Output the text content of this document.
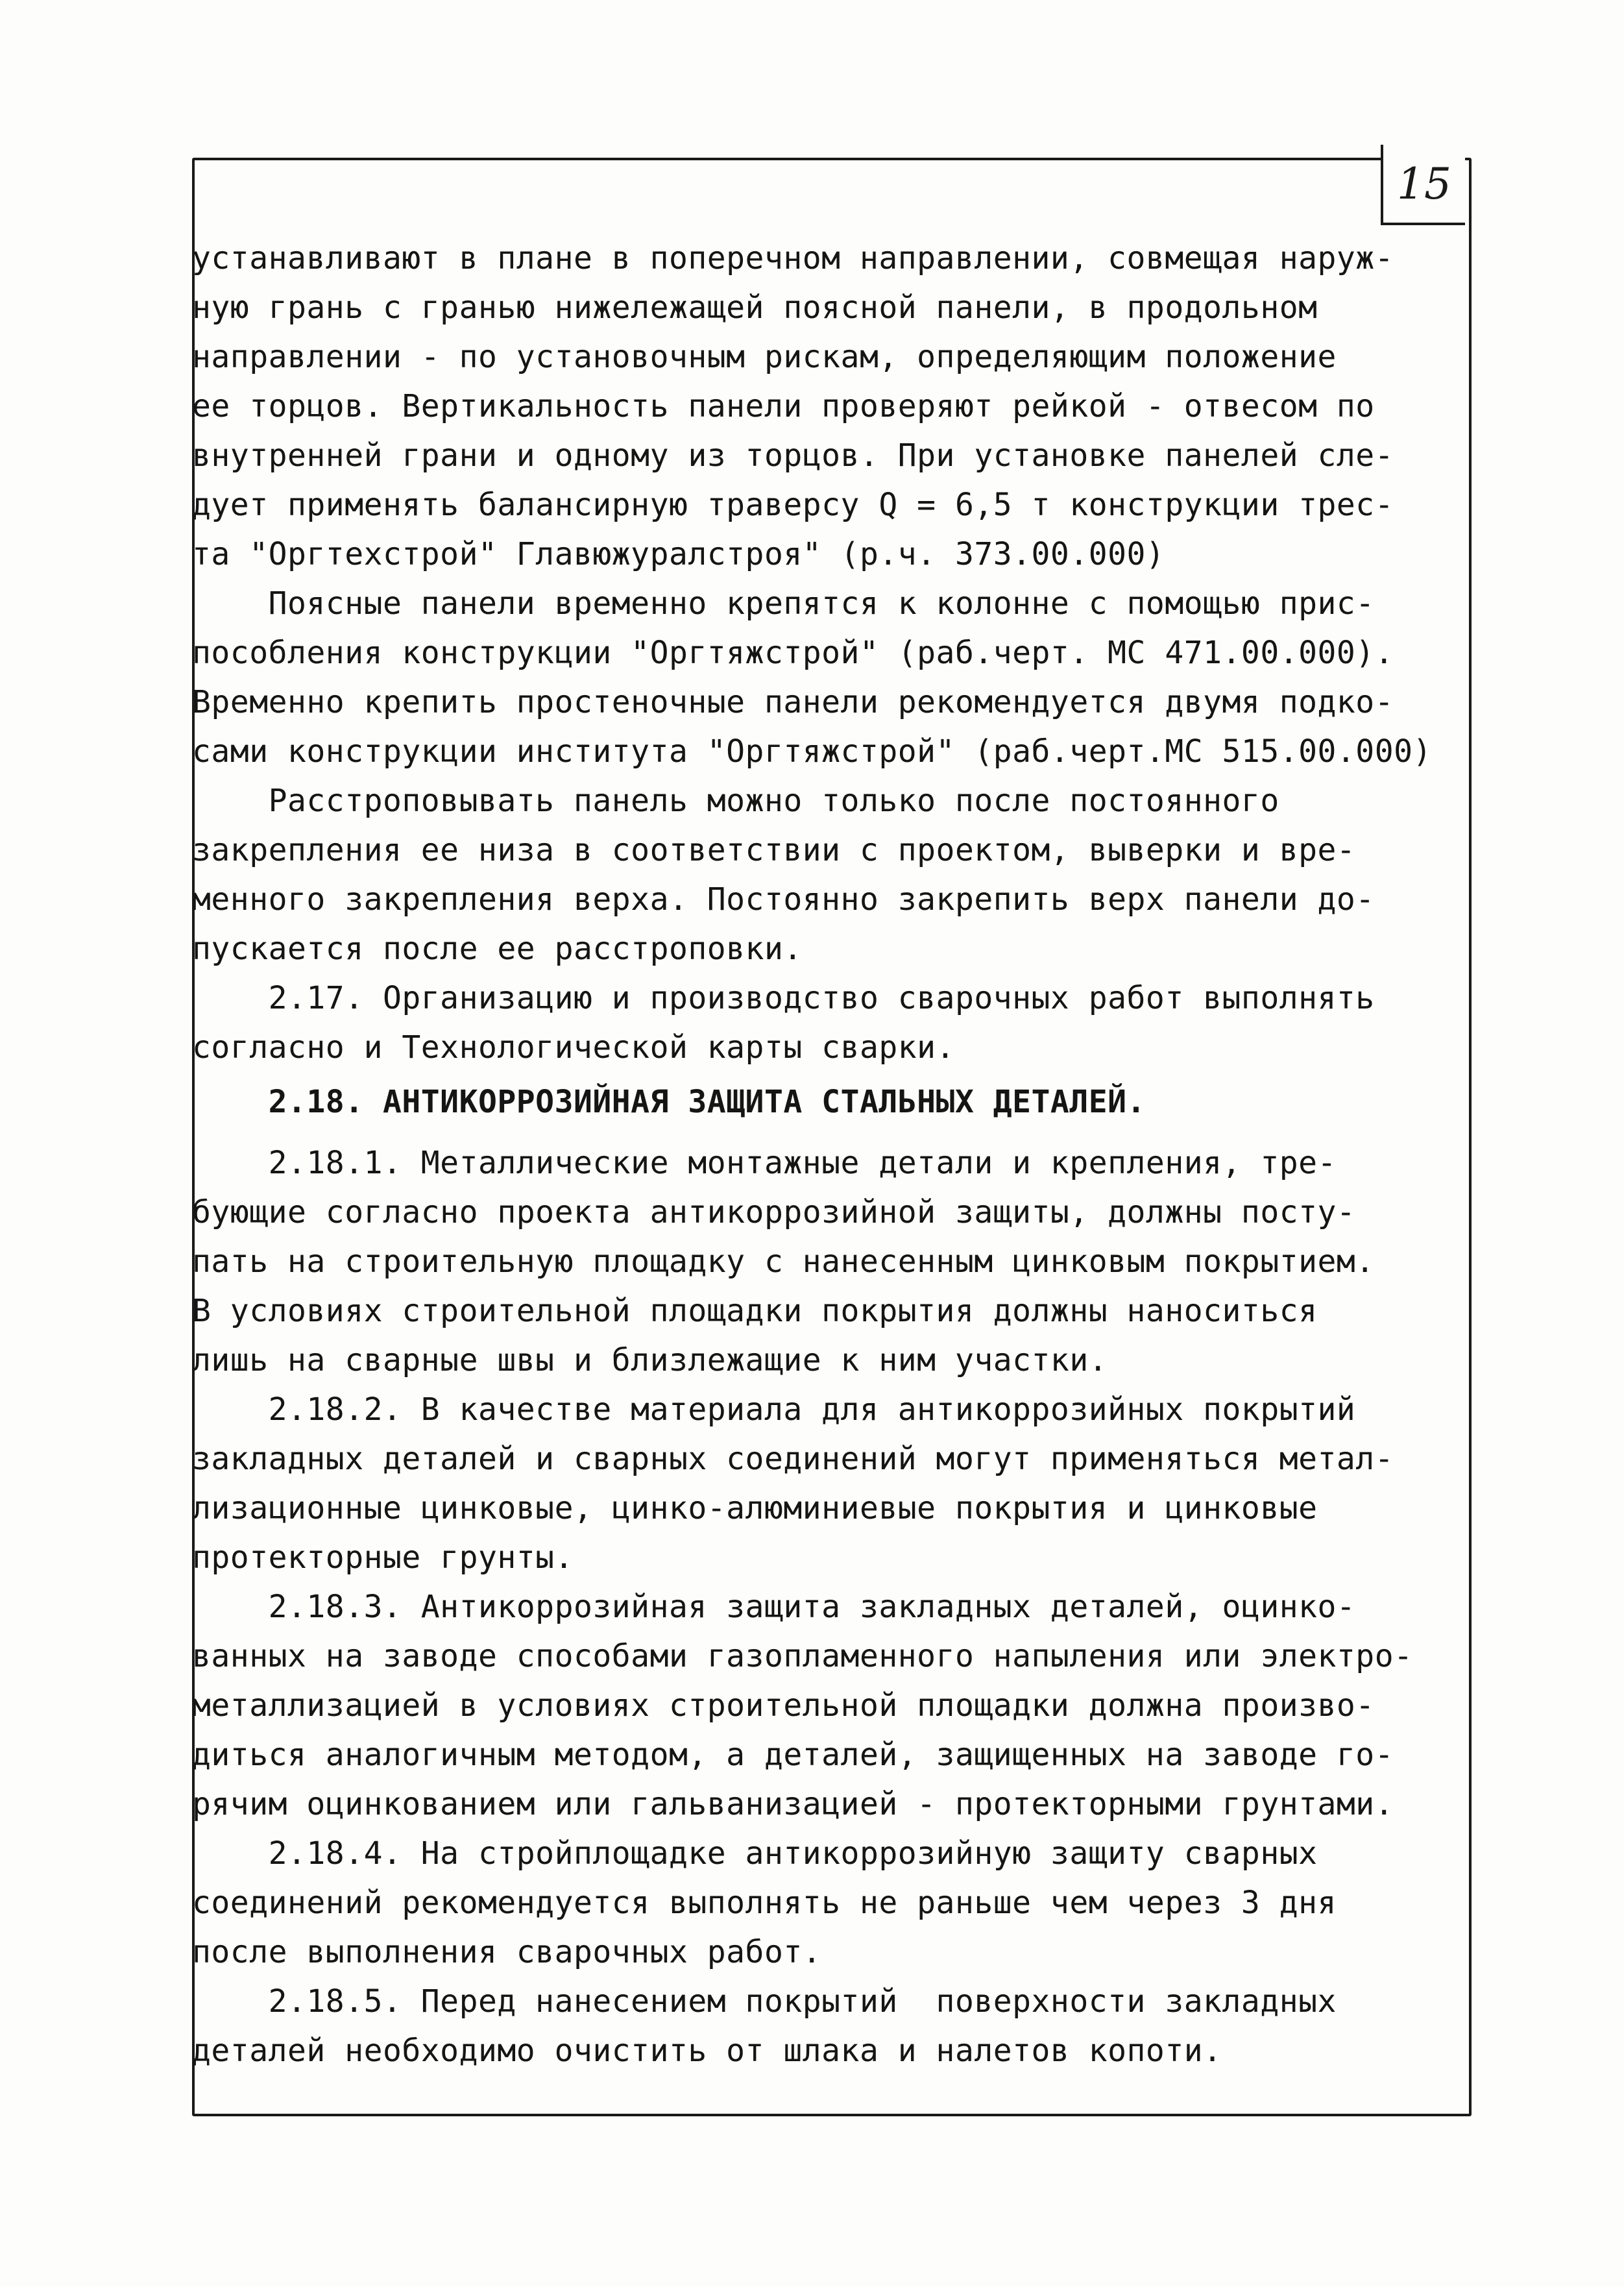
15
устанавливают в плане в поперечном направлении, совмещая наруж-
ную грань с гранью нижележащей поясной панели, в продольном
направлении - по установочным рискам, определяющим положение
ее торцов. Вертикальность панели проверяют рейкой - отвесом по
внутренней грани и одному из торцов. При установке панелей сле-
дует применять балансирную траверсу Q = 6,5 т конструкции трес-
та "Оргтехстрой" Главюжуралстроя" (р.ч. 373.00.000)
Поясные панели временно крепятся к колонне с помощью прис-
пособления конструкции "Оргтяжстрой" (раб.черт. МС 471.00.000).
Временно крепить простеночные панели рекомендуется двумя подко-
сами конструкции института "Оргтяжстрой" (раб.черт.МС 515.00.000)
Расстроповывать панель можно только после постоянного
закрепления ее низа в соответствии с проектом, выверки и вре-
менного закрепления верха. Постоянно закрепить верх панели до-
пускается после ее расстроповки.
2.17. Организацию и производство сварочных работ выполнять
согласно и Технологической карты сварки.
2.18. АНТИКОРРОЗИЙНАЯ ЗАЩИТА СТАЛЬНЫХ ДЕТАЛЕЙ.
2.18.1. Металлические монтажные детали и крепления, тре-
бующие согласно проекта антикоррозийной защиты, должны посту-
пать на строительную площадку с нанесенным цинковым покрытием.
В условиях строительной площадки покрытия должны наноситься
лишь на сварные швы и близлежащие к ним участки.
2.18.2. В качестве материала для антикоррозийных покрытий
закладных деталей и сварных соединений могут применяться метал-
лизационные цинковые, цинко-алюминиевые покрытия и цинковые
протекторные грунты.
2.18.3. Антикоррозийная защита закладных деталей, оцинко-
ванных на заводе способами газопламенного напыления или электро-
металлизацией в условиях строительной площадки должна произво-
диться аналогичным методом, а деталей, защищенных на заводе го-
рячим оцинкованием или гальванизацией - протекторными грунтами.
2.18.4. На стройплощадке антикоррозийную защиту сварных
соединений рекомендуется выполнять не раньше чем через 3 дня
после выполнения сварочных работ.
2.18.5. Перед нанесением покрытий  поверхности закладных
деталей необходимо очистить от шлака и налетов копоти.
